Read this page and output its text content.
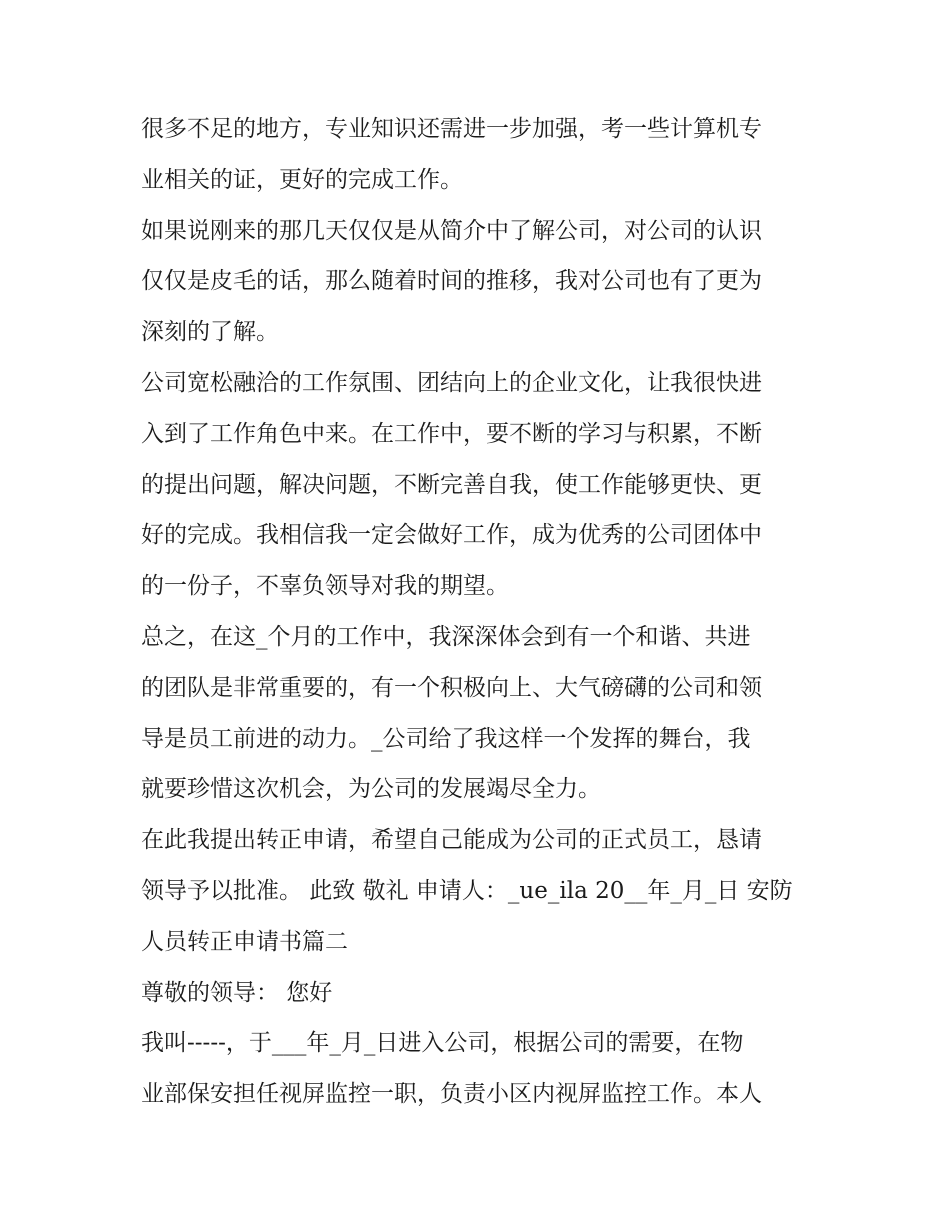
很多不足的地方，专业知识还需进一步加强，考一些计算机专
业相关的证，更好的完成工作。
如果说刚来的那几天仅仅是从简介中了解公司，对公司的认识
仅仅是皮毛的话，那么随着时间的推移，我对公司也有了更为
深刻的了解。
公司宽松融洽的工作氛围、团结向上的企业文化，让我很快进
入到了工作角色中来。在工作中，要不断的学习与积累，不断
的提出问题，解决问题，不断完善自我，使工作能够更快、更
好的完成。我相信我一定会做好工作，成为优秀的公司团体中
的一份子，不辜负领导对我的期望。
总之，在这_个月的工作中，我深深体会到有一个和谐、共进
的团队是非常重要的，有一个积极向上、大气磅礴的公司和领
导是员工前进的动力。_公司给了我这样一个发挥的舞台，我
就要珍惜这次机会，为公司的发展竭尽全力。
在此我提出转正申请，希望自己能成为公司的正式员工，恳请
领导予以批准。 此致 敬礼 申请人：_ue_ila 20__年_月_日 安防
人员转正申请书篇二
尊敬的领导： 您好
我叫-----，于___年_月_日进入公司，根据公司的需要，在物
业部保安担任视屏监控一职，负责小区内视屏监控工作。本人
